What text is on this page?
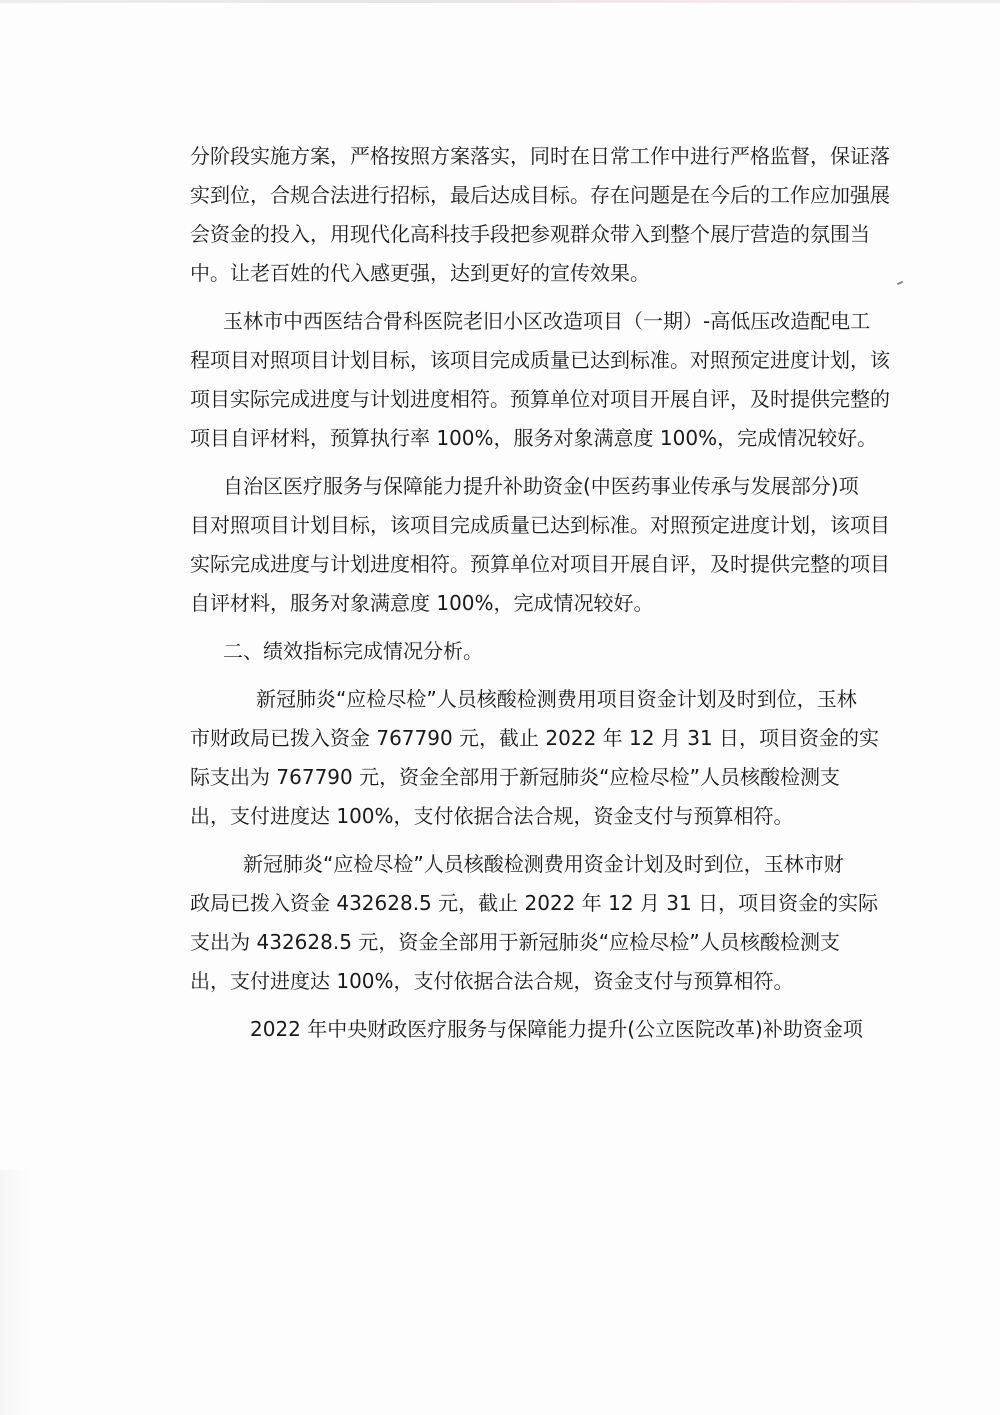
分阶段实施方案，严格按照方案落实，同时在日常工作中进行严格监督，保证落
实到位，合规合法进行招标，最后达成目标。存在问题是在今后的工作应加强展
会资金的投入，用现代化高科技手段把参观群众带入到整个展厅营造的氛围当
中。让老百姓的代入感更强，达到更好的宣传效果。
玉林市中西医结合骨科医院老旧小区改造项目（一期）-高低压改造配电工
程项目对照项目计划目标，该项目完成质量已达到标准。对照预定进度计划，该
项目实际完成进度与计划进度相符。预算单位对项目开展自评，及时提供完整的
项目自评材料，预算执行率 100%，服务对象满意度 100%，完成情况较好。
自治区医疗服务与保障能力提升补助资金(中医药事业传承与发展部分)项
目对照项目计划目标，该项目完成质量已达到标准。对照预定进度计划，该项目
实际完成进度与计划进度相符。预算单位对项目开展自评，及时提供完整的项目
自评材料，服务对象满意度 100%，完成情况较好。
二、绩效指标完成情况分析。
新冠肺炎“应检尽检”人员核酸检测费用项目资金计划及时到位，玉林
市财政局已拨入资金 767790 元，截止 2022 年 12 月 31 日，项目资金的实
际支出为 767790 元，资金全部用于新冠肺炎“应检尽检”人员核酸检测支
出，支付进度达 100%，支付依据合法合规，资金支付与预算相符。
新冠肺炎“应检尽检”人员核酸检测费用资金计划及时到位，玉林市财
政局已拨入资金 432628.5 元，截止 2022 年 12 月 31 日，项目资金的实际
支出为 432628.5 元，资金全部用于新冠肺炎“应检尽检”人员核酸检测支
出，支付进度达 100%，支付依据合法合规，资金支付与预算相符。
2022 年中央财政医疗服务与保障能力提升(公立医院改革)补助资金项
